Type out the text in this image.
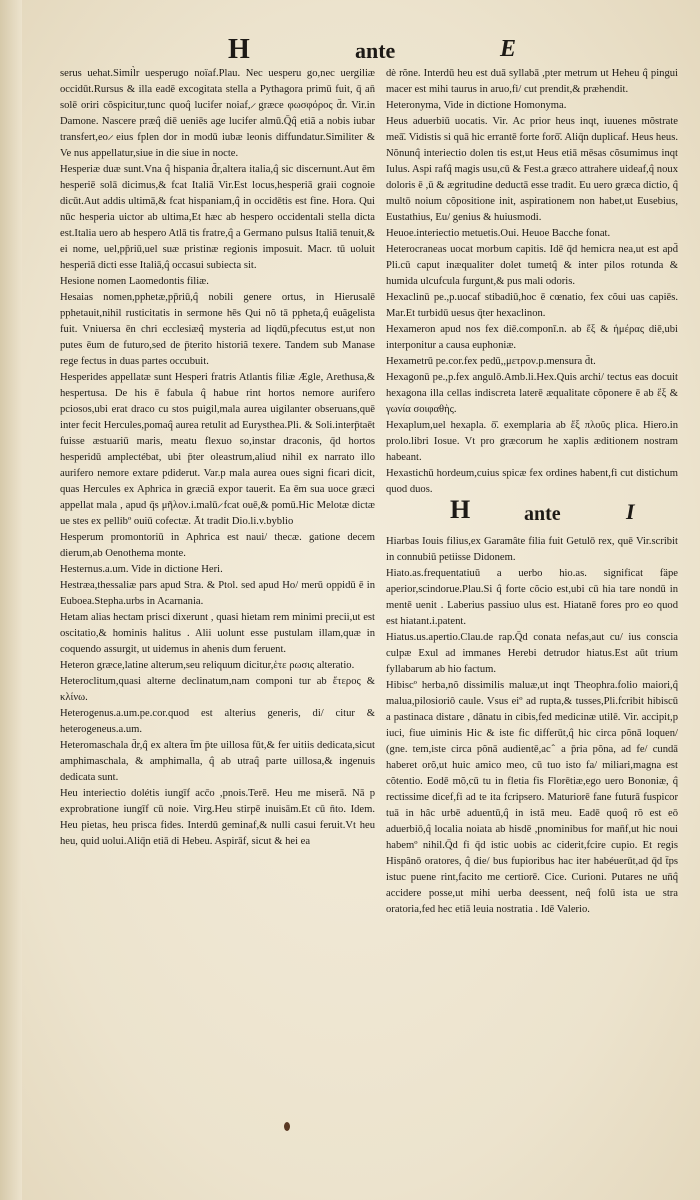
H	ante	E

serus uehat.Simil̀r uesperugo noïaf.Plau. Nec uesperu go,nec uergiliæ occidūt.Rursus & illa eadē excogitata stella a Pythagora primū fuit, q̄ an̄ solē oriri cõspicitur,tunc quoq̂ lucifer noiaf, ̷ græce φωσφόρος d̄r. Vir.in Damone. Nascere præq̂ diē ueniēs age lucifer almū.Q̄q̂ etiã a nobis iubar transfert,eo ̷ eius fplen dor in modū iubæ leonis diffundatur.Similiter & Ve nus appellatur,siue in die siue in nocte.

Hesperiæ duæ sunt.Vna q̂ hispania d̄r,altera italia,q̂ sic discernunt.Aut ēm hesperiē solā dicimus,& fcat Italiā Vir.Est locus,hesperiā graii cognoie dicūt.Aut addis ultimā,& fcat hispaniam,q̂ in occidētis est fine. Hora. Qui nūc hesperia uictor ab ultima,Et hæc ab hespero occidentali stella dicta est.Italia uero ab hespero Atlā tis fratre,q̂ a Germano pulsus Italiā tenuit,& ei nome, uel,pp̄riū,uel suæ pristinæ regionis imposuit. Macr. tū uoluit hesperiā dicti esse Italiā,q̂ occasui subiecta sit.

Hesione nomen Laomedontis filiæ.

Hesaias nomen,pphetæ,pp̄riū,q̂ nobili genere ortus, in Hierusalē pphetauit,nihil rusticitatis in sermone hēs Qui nõ tā ppheta,q̂ euãgelista fuit. Vniuersa ēn chri ecclesiæq̂ mysteria ad liqdū,pfecutus est,ut non putes ēum de futuro,sed de p̄terito historiã texere. Tandem sub Manase rege fectus in duas partes occubuit.

Hesperides appellatæ sunt Hesperi fratris Atlantis filiæ Ægle, Arethusa,& hespertusa. De his ē fabula q̂ habue rint hortos nemore aurifero pciosos,ubi erat draco cu stos puigil,mala aurea uigilanter obseruans,quē inter fecit Hercules,pomaq̂ aurea retulit ad Eurysthea.Pli. & Soli.interp̄taēt fuisse æstuariū maris, meatu flexuo so,instar draconis, q̄d hortos hesperidū amplectébat, ubi p̄ter oleastrum,aliud nihil ex narrato illo aurifero nemore extare pdiderut. Var.p mala aurea oues signi ficari dicit, quas Hercules ex Aphrica in græciã expor tauerit. Ea ēm sua uoce græci appellat mala , apud q̄s μῆλον.i.malū ̷ fcat ouē,& pomū.Hic Melotæ dictæ ue stes ex pellibº ouiū cofectæ. Āt tradit Dio.li.v.byblio

Hesperum promontoriū in Aphrica est naui/ thecæ. gatione decem dierum,ab Oenothema monte.

Hesternus.a.um. Vide in dictione Heri.

Hestræa,thessaliæ pars apud Stra. & Ptol. sed apud Ho/ merū oppidū ē in Euboea.Stepha.urbs in Acarnania.

Hetam alias hectam prisci dixerunt , quasi hietam rem minimi precii,ut est oscitatio,& hominis halitus . Alii uolunt esse pustulam illam,quæ in coquendo assurgit, ut uidemus in ahenis dum feruent.

Heteron græce,latine alterum,seu reliquum dicitur,ἑτε ρωσις alteratio.

Heteroclitum,quasi alterne declinatum,nam componi tur ab ἕτερος & κλίνω.

Heterogenus.a.um.pe.cor.quod est alterius generis, di/ citur & heterogeneus.a.um.

Heteromaschala d̄r,q̂ ex altera t̄m p̄te uillosa fūt,& fer uitiis dedicata,sicut amphimaschala, & amphimalla, q̂ ab utraq̂ parte uillosa,& ingenuis dedicata sunt.

Heu interiectio dolétis iungīf acc̄o ,pnois.Terē. Heu me miserā. Nā p exprobratione iungīf cū noie. Virg.Heu stirpē inuisām.Et cū n̄to. Idem. Heu pietas, heu prisca fides. Interdū geminaf,& nulli casui feruit.Vt heu heu, quid uolui.Aliq̄n etiā di Hebeu. Aspirāf, sicut & hei ea

dè rõne. Interdū heu est duā syllabā ,pter metrum ut Heheu q̂ pingui macer est mihi taurus in aruo,fi/ cut prendit,& præhendit.

Heteronyma, Vide in dictione Homonyma.

Heus aduerbiū uocatis. Vir. Ac prior heus inqt, iuuenes mõstrate meā̄. Vidistis si quā hic errantē forte forō̄. Aliq̄n duplicaf. Heus heus. Nõnunq̂ interiectio dolen tis est,ut Heus etiā mēsas cõsumimus inqt Iulus. Aspi rafq̂ magis usu,cū & Fest.a græco attrahere uideaf,q̂ noux doloris ē ,ū & ægritudine deductā esse tradit. Eu uero græca dictio, q̂ multō noium cõpositione init, aspirationem non habet,ut Eusebius, Eustathius, Eu/ genius & huiusmodi.

Heuoe.interiectio metuetis.Oui. Heuoe Bacche fonat.

Heterocraneas uocat morbum capitis. Idē q̄d hemicra nea,ut est apd̄ Pli.cū caput inæqualiter dolet tumetq̂ & inter pilos rotunda & humida ulcufcula furgunt,& pus mali odoris.

Hexaclinū pe.,p.uocaf stibadiū,hoc ē cœnatio, fex cõui uas capiēs. Mar.Et turbidū uesus q̄ter hexaclinon.

Hexameron apud nos fex diē.componī.n. ab ἕξ & ἡμέρας diē,ubi interponitur a causa euphoniæ.

Hexametrū pe.cor.fex pedū,,μετρον.p.mensura d̄t.

Hexagonū pe.,p.fex angulō.Amb.li.Hex.Quis archi/ tectus eas docuit hexagona illa cellas indiscreta laterē æqualitate cõponere ē ab ἕξ & γωνία σοιφαθὴς.

Hexaplum,uel hexapla. ō̄. exemplaria ab ἕξ πλοῦς plica. Hiero.in prolo.libri Iosue. Vt pro græcorum he xaplis æditionem nostram habeant.

Hexastichū hordeum,cuius spicæ fex ordines habent,fi cut distichum quod duos.

H	ante	I

Hiarbas Iouis filius,ex Garamâte filia fuit Getulō rex, quē Vir.scribit in connubiū petiisse Didonem.

Hiato.as.frequentatiuū a uerbo hio.as. significat fäpe aperior,scindorue.Plau.Si q̂ forte cõcio est,ubi cū hia tare nondū in mentē uenit . Laberius passiuo ulus est. Hiatanē fores pro eo quod est hiatant.i.patent.

Hiatus.us.apertio.Clau.de rap.Q̄d conata nefas,aut cu/ ius conscia culpæ Exul ad immanes Herebi detrudor hiatus.Est aūt trium fyllabarum ab hio factum.

Hibiscº herba,nõ dissimilis maluæ,ut inqt Theophra.folio maiori,q̂ malua,pilosioriô caule. Vsus eiº ad rupta,& tusses,Pli.fcribit hibiscū a pastinaca distare , dânatu in cibis,fed medicinæ utilē. Vir. accipit,p iuci, fiue uiminis Hic & iste fic differūt,q̂ hic circa põnā loquen/ (gne. tem,iste circa põnā audientē,ac ̂ a p̄ria põna, ad fe/ cundā haberet orõ,ut huic amico meo, cū tuo isto fa/ miliari,magna est cõtentio. Eodē mõ,cū tu in fletia fis Florētiæ,ego uero Bononiæ, q̂ rectissime dicef,fi ad te ita fcripsero. Maturiorē fane futurā fuspicor tuā in hâc urbē aduentū,q̂ in istā meu. Eadē quoq̂ rõ est eō aduerbiō,q̂ localia noiata ab hisdē ,pnominibus for man̄f,ut hic noui habemº nihil.Q̄d fi q̄d istic uobis ac ciderit,fcire cupio. Et regis Hispânō oratores, q̂ die/ bus fupioribus hac iter habéuerūt,ad q̄d t̄ps istuc puene rint,facito me certiorē. Cice. Curioni. Putares ne un̄q̂ accidere posse,ut mihi uerba deessent, neq̂ folū ista ue stra oratoria,fed hec etiā leuia nostratia . Idē Valerio.
